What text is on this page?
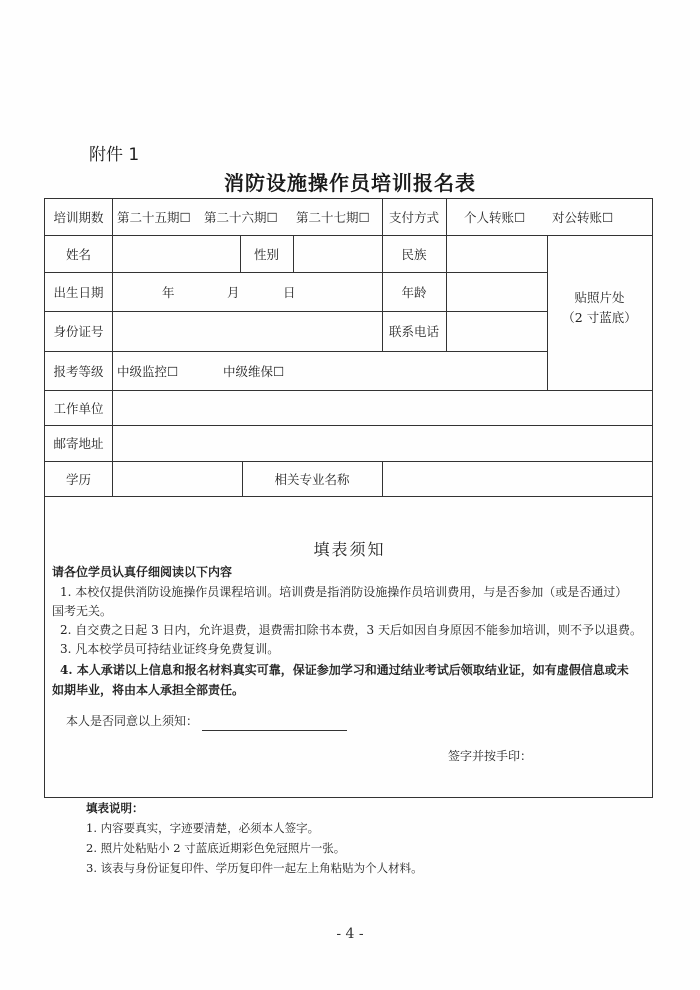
附件 1
消防设施操作员培训报名表
培训期数	第二十五期☐ 第二十六期☐ 第二十七期☐	支付方式	个人转账☐ 对公转账☐
姓名	性别	民族
贴照片处
（2 寸蓝底）
出生日期	年	月	日	年龄
身份证号	联系电话
报考等级	中级监控☐	中级维保☐
工作单位
邮寄地址
学历	相关专业名称
填表须知
请各位学员认真仔细阅读以下内容
1. 本校仅提供消防设施操作员课程培训。培训费是指消防设施操作员培训费用，与是否参加（或是否通过）
国考无关。
2. 自交费之日起 3 日内，允许退费，退费需扣除书本费，3 天后如因自身原因不能参加培训，则不予以退费。
3. 凡本校学员可持结业证终身免费复训。
4. 本人承诺以上信息和报名材料真实可靠，保证参加学习和通过结业考试后领取结业证，如有虚假信息或未
如期毕业，将由本人承担全部责任。
本人是否同意以上须知：
签字并按手印：
填表说明：
1. 内容要真实，字迹要清楚，必须本人签字。
2. 照片处粘贴小 2 寸蓝底近期彩色免冠照片一张。
3. 该表与身份证复印件、学历复印件一起左上角粘贴为个人材料。
- 4 -
